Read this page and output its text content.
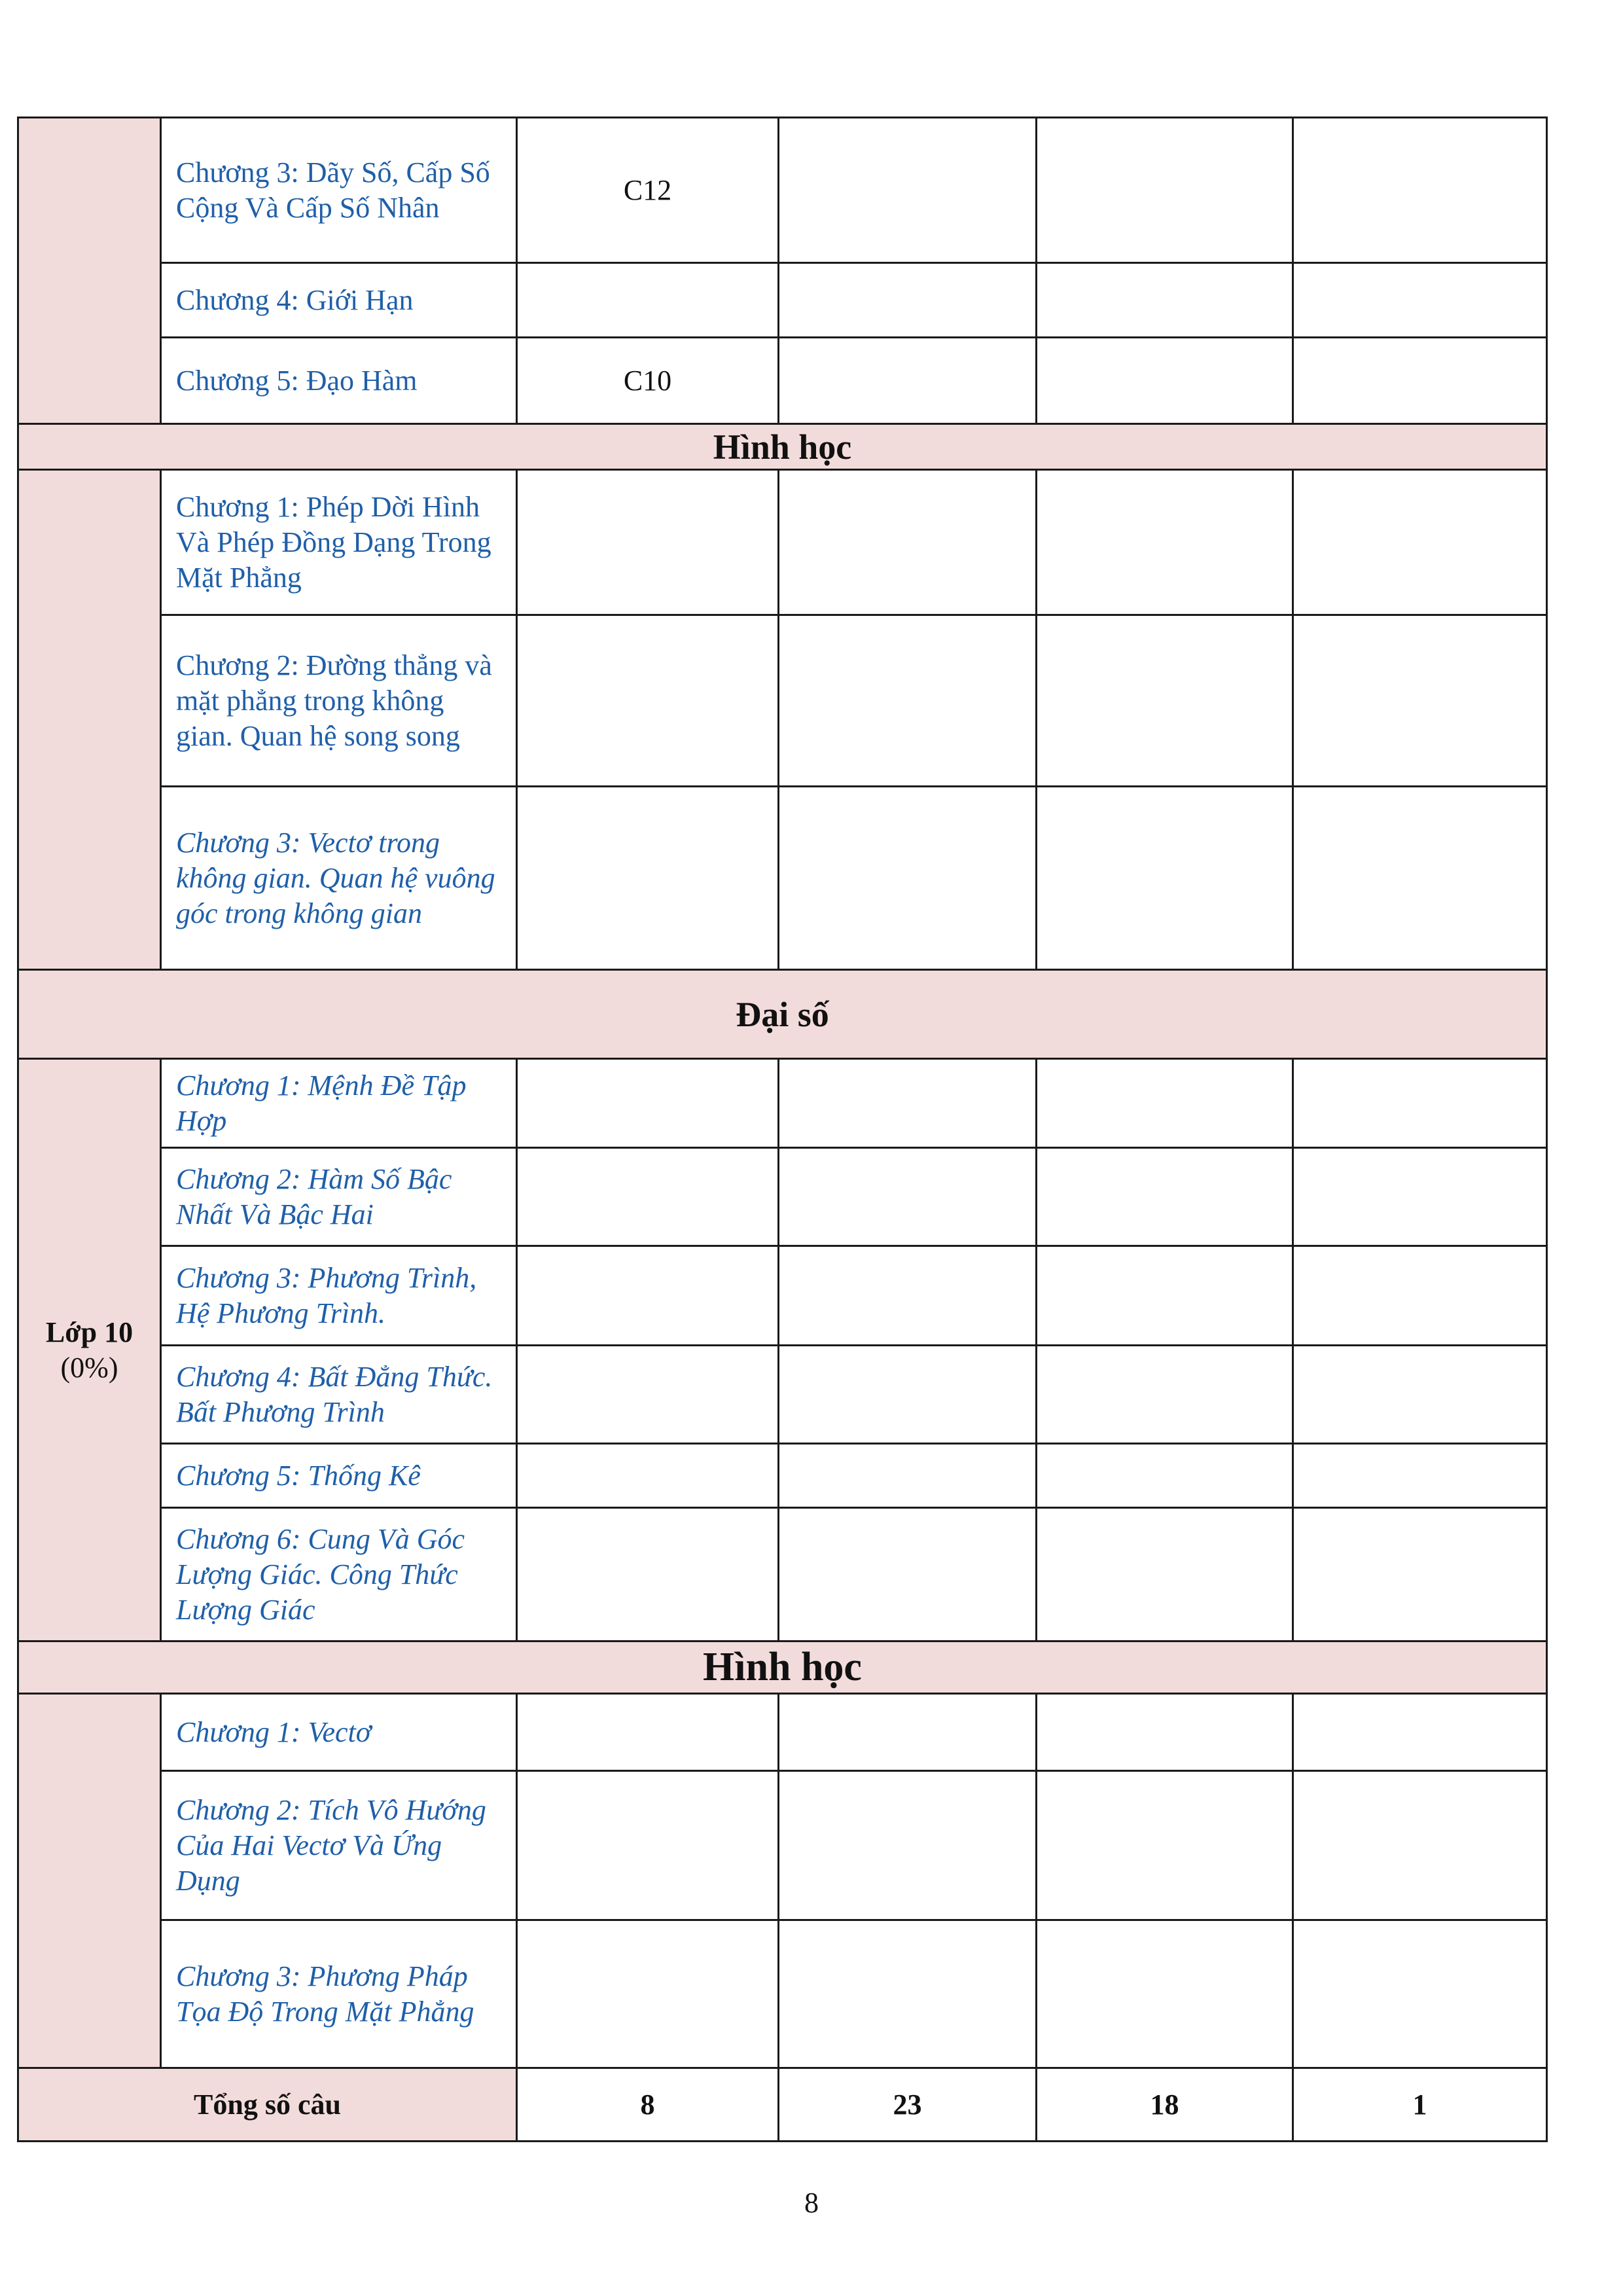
	Chương 3: Dãy Số, Cấp Số Cộng Và Cấp Số Nhân	C12			
	Chương 4: Giới Hạn				
	Chương 5: Đạo Hàm	C10			
Hình học					
	Chương 1: Phép Dời Hình Và Phép Đồng Dạng Trong Mặt Phẳng				
	Chương 2: Đường thẳng và mặt phẳng trong không gian. Quan hệ song song				
	Chương 3: Vectơ trong không gian. Quan hệ vuông góc trong không gian				
Đại số					
Lớp 10
(0%)	Chương 1: Mệnh Đề Tập Hợp				
	Chương 2: Hàm Số Bậc Nhất Và Bậc Hai				
	Chương 3: Phương Trình, Hệ Phương Trình.				
	Chương 4: Bất Đẳng Thức. Bất Phương Trình				
	Chương 5: Thống Kê				
	Chương 6: Cung Và Góc Lượng Giác. Công Thức Lượng Giác				
Hình học					
	Chương 1: Vectơ				
	Chương 2: Tích Vô Hướng Của Hai Vectơ Và Ứng Dụng				
	Chương 3: Phương Pháp Tọa Độ Trong Mặt Phẳng				
Tổng số câu		8	23	18	1
8
